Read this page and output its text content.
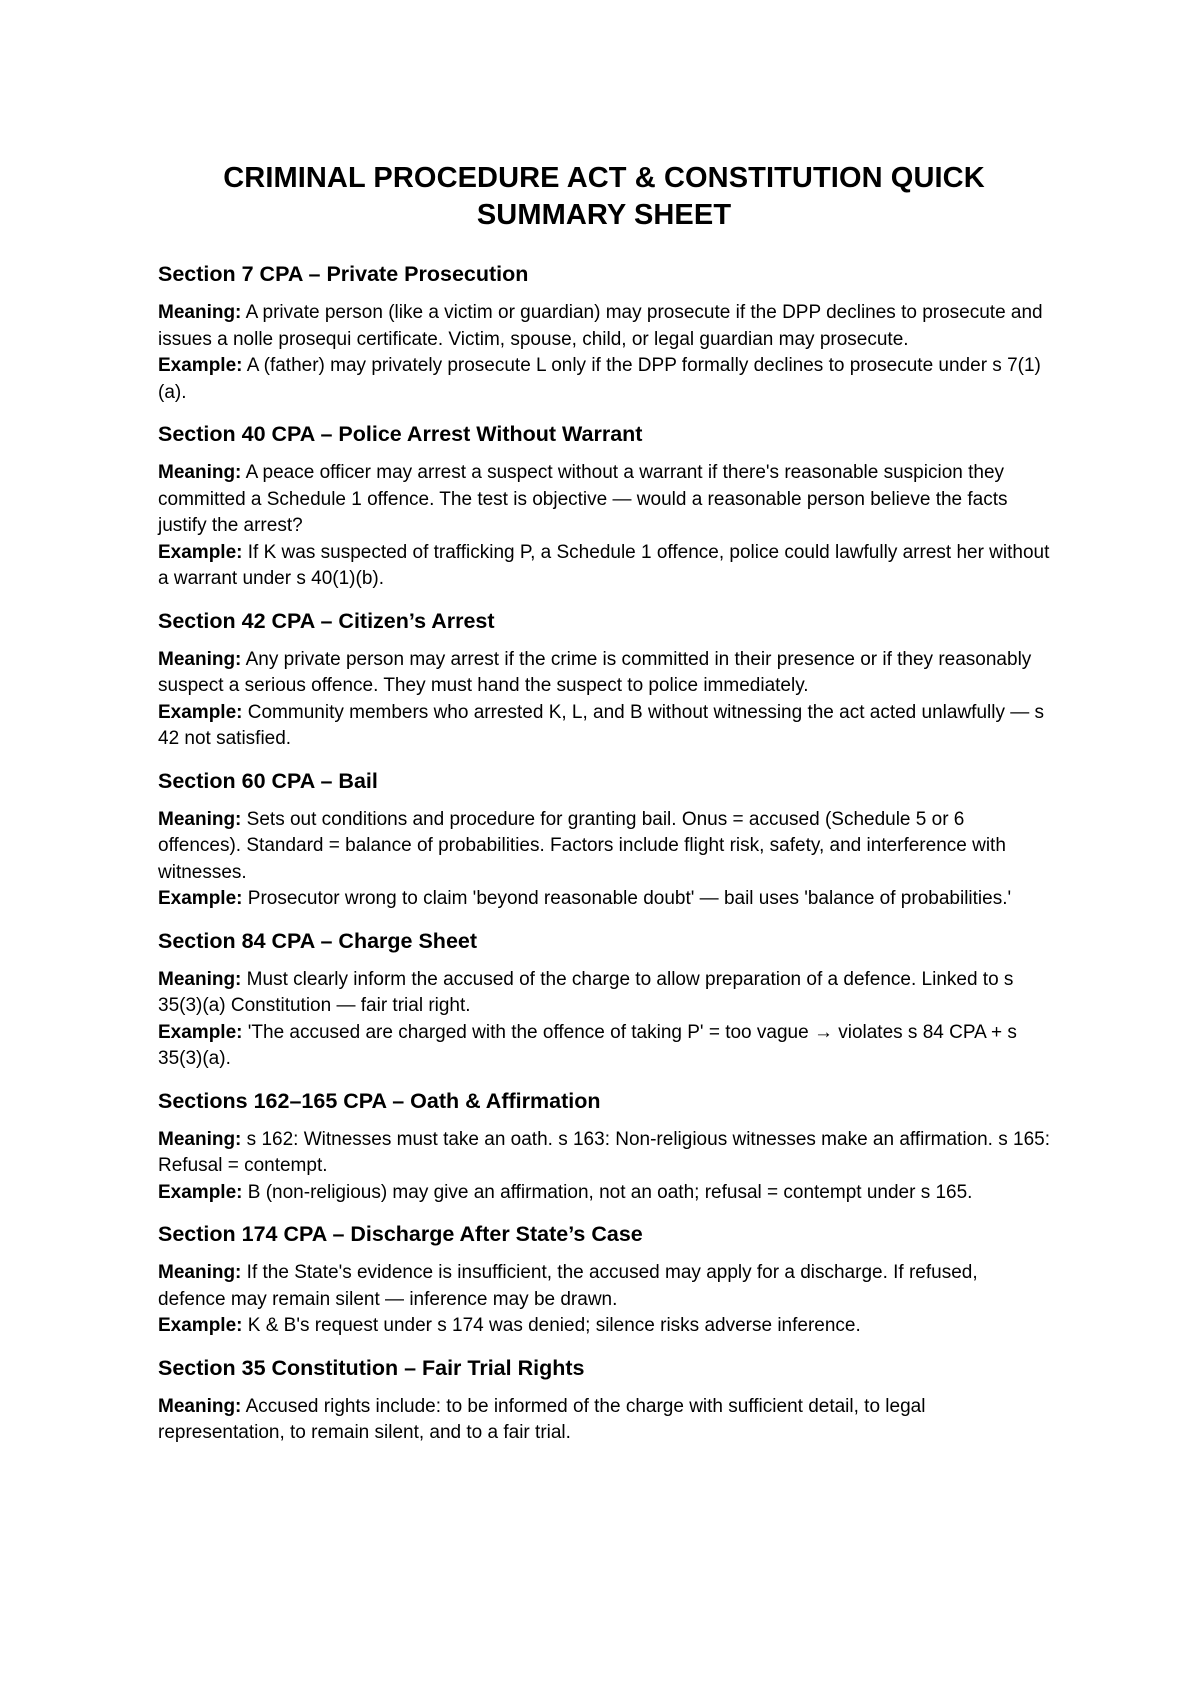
CRIMINAL PROCEDURE ACT & CONSTITUTION QUICK
SUMMARY SHEET
Section 7 CPA – Private Prosecution

Meaning: A private person (like a victim or guardian) may prosecute if the DPP declines to prosecute and issues a nolle prosequi certificate. Victim, spouse, child, or legal guardian may prosecute.

Example: A (father) may privately prosecute L only if the DPP formally declines to prosecute under s 7(1)(a).

Section 40 CPA – Police Arrest Without Warrant

Meaning: A peace officer may arrest a suspect without a warrant if there's reasonable suspicion they committed a Schedule 1 offence. The test is objective — would a reasonable person believe the facts justify the arrest?

Example: If K was suspected of trafficking P, a Schedule 1 offence, police could lawfully arrest her without a warrant under s 40(1)(b).

Section 42 CPA – Citizen’s Arrest

Meaning: Any private person may arrest if the crime is committed in their presence or if they reasonably suspect a serious offence. They must hand the suspect to police immediately.

Example: Community members who arrested K, L, and B without witnessing the act acted unlawfully — s 42 not satisfied.

Section 60 CPA – Bail

Meaning: Sets out conditions and procedure for granting bail. Onus = accused (Schedule 5 or 6 offences). Standard = balance of probabilities. Factors include flight risk, safety, and interference with witnesses.

Example: Prosecutor wrong to claim 'beyond reasonable doubt' — bail uses 'balance of probabilities.'

Section 84 CPA – Charge Sheet

Meaning: Must clearly inform the accused of the charge to allow preparation of a defence. Linked to s 35(3)(a) Constitution — fair trial right.

Example: 'The accused are charged with the offence of taking P' = too vague → violates s 84 CPA + s 35(3)(a).

Sections 162–165 CPA – Oath & Affirmation

Meaning: s 162: Witnesses must take an oath. s 163: Non-religious witnesses make an affirmation. s 165: Refusal = contempt.

Example: B (non-religious) may give an affirmation, not an oath; refusal = contempt under s 165.

Section 174 CPA – Discharge After State’s Case

Meaning: If the State's evidence is insufficient, the accused may apply for a discharge. If refused, defence may remain silent — inference may be drawn.

Example: K & B's request under s 174 was denied; silence risks adverse inference.

Section 35 Constitution – Fair Trial Rights

Meaning: Accused rights include: to be informed of the charge with sufficient detail, to legal representation, to remain silent, and to a fair trial.
